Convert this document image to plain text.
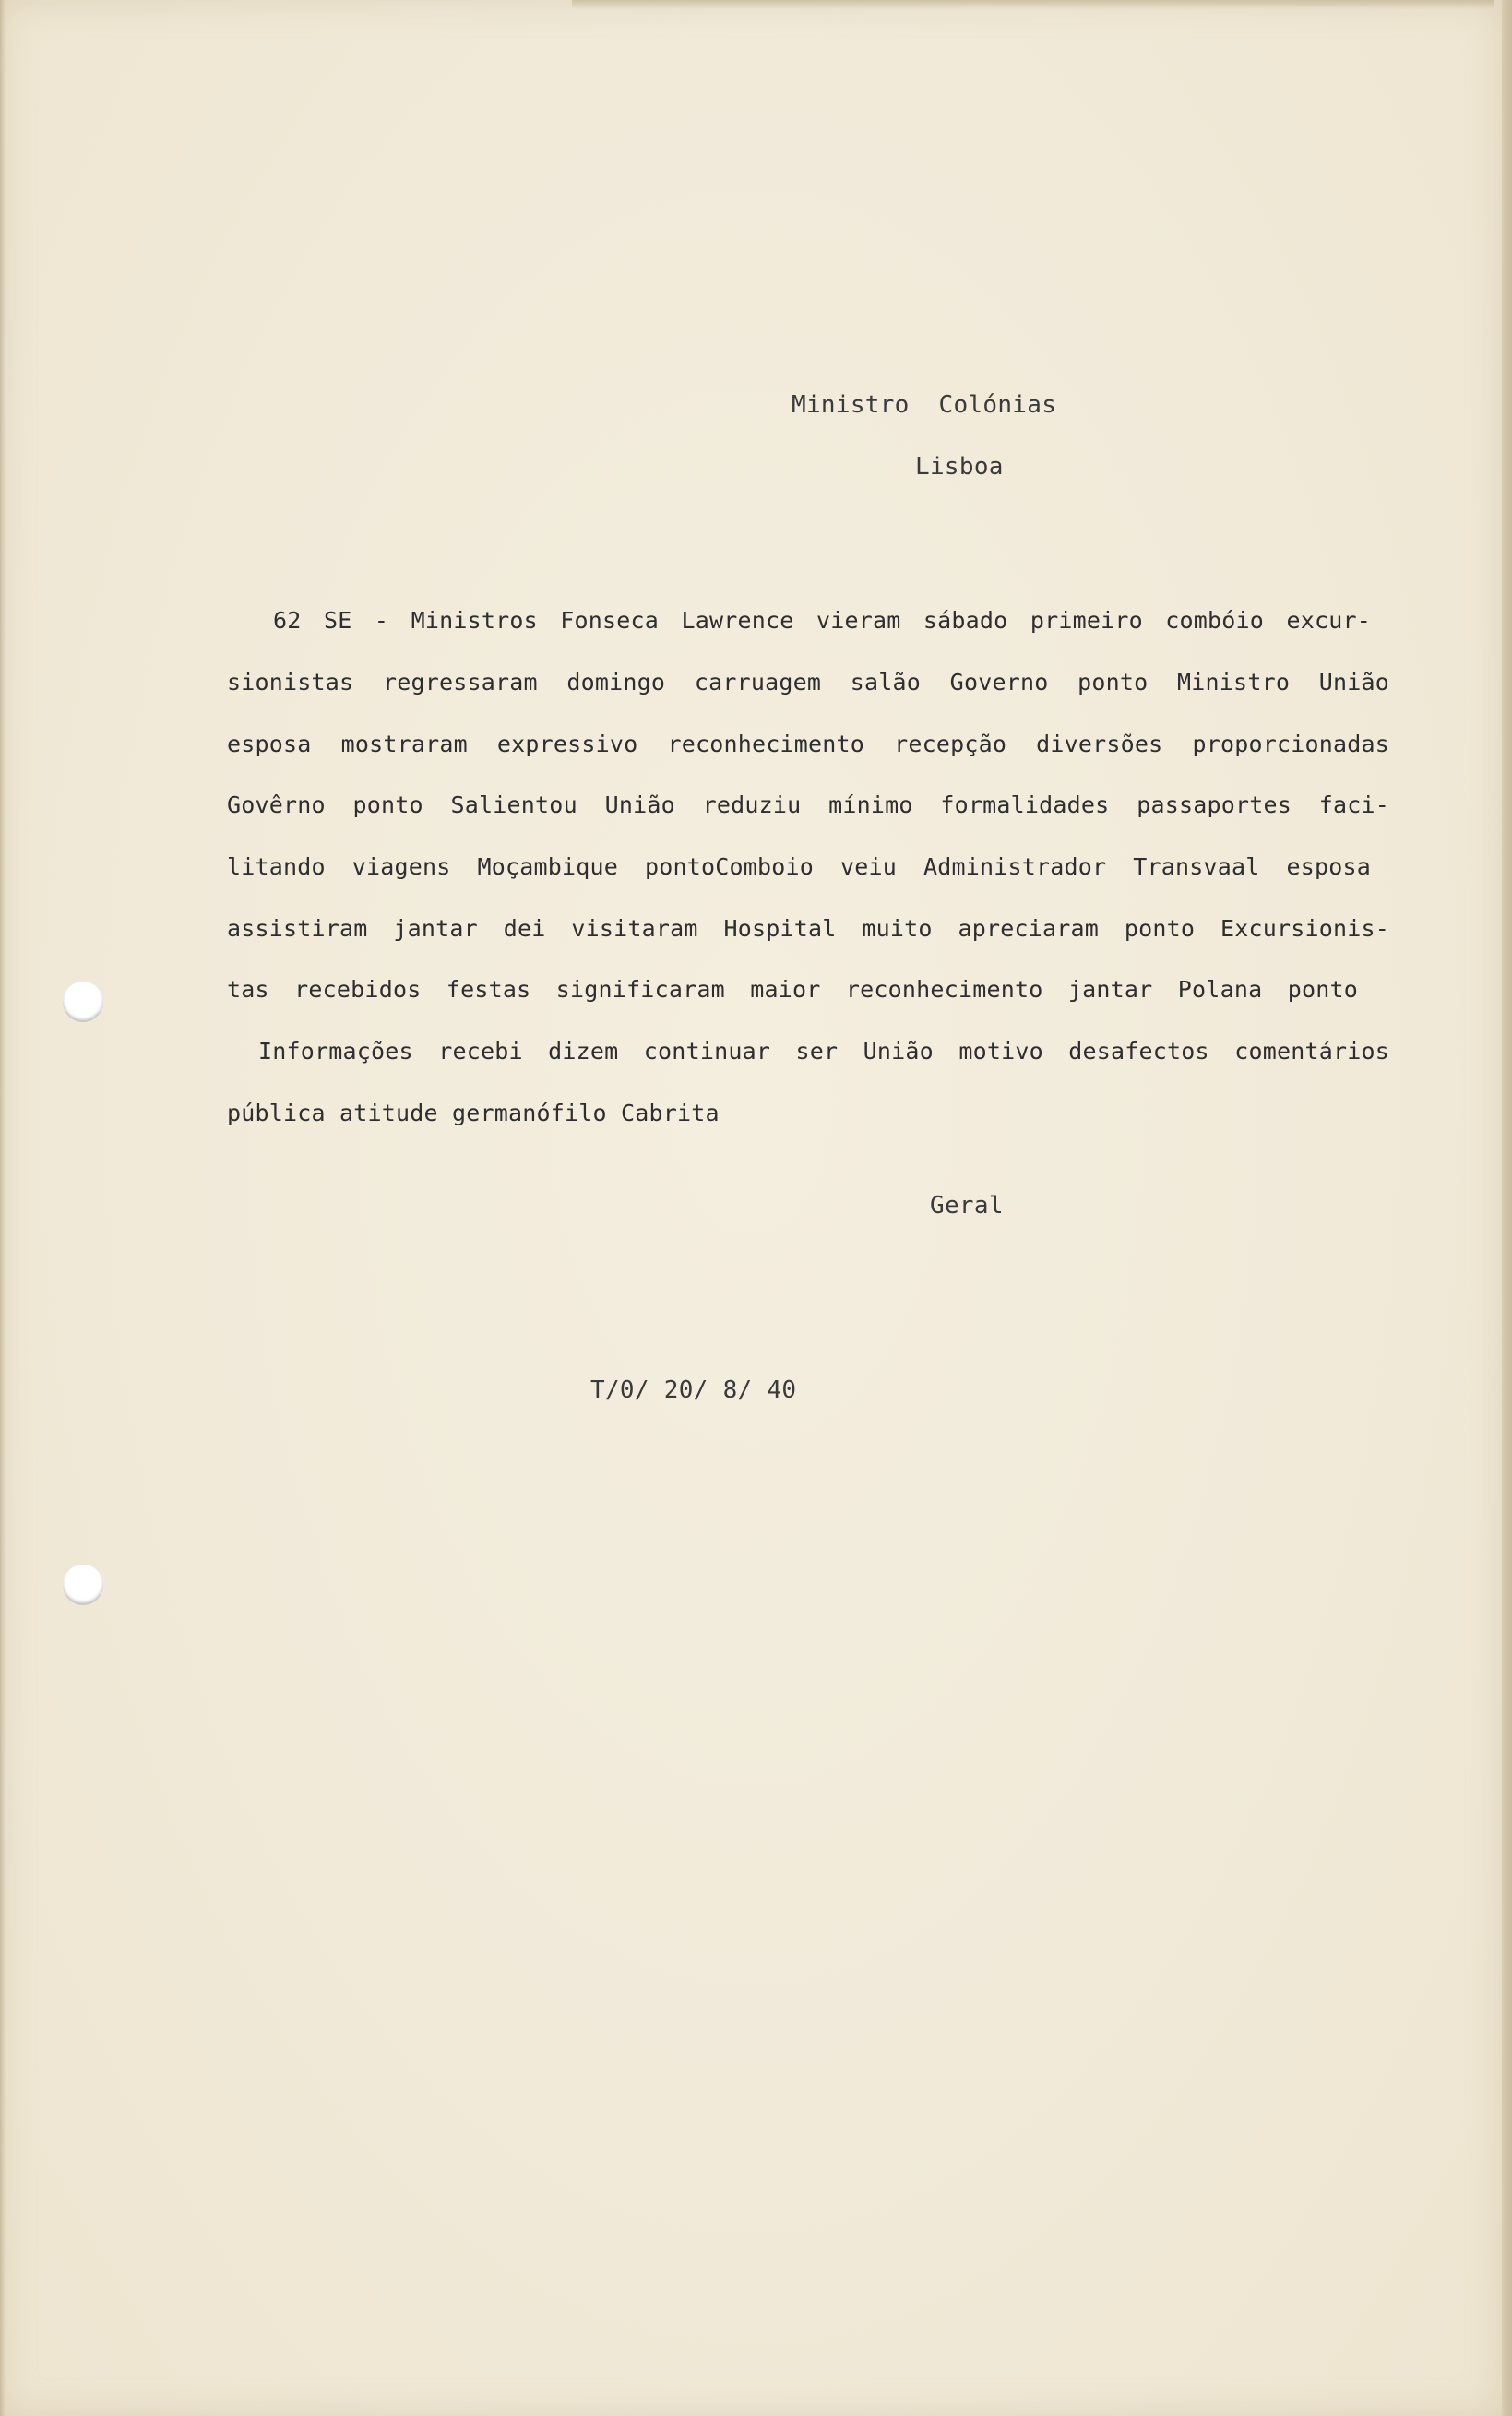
Ministro  Colónias
Lisboa
62 SE - Ministros Fonseca Lawrence vieram sábado primeiro combóio excur-
sionistas regressaram domingo carruagem salão Governo ponto Ministro União
esposa mostraram expressivo reconhecimento recepção diversões proporcionadas
Govêrno ponto Salientou União reduziu mínimo formalidades passaportes faci-
litando viagens Moçambique pontoComboio veiu Administrador Transvaal esposa
assistiram jantar dei visitaram Hospital muito apreciaram ponto Excursionis-
tas recebidos festas significaram maior reconhecimento jantar Polana ponto
Informações recebi dizem continuar ser União motivo desafectos comentários
pública atitude germanófilo Cabrita
Geral
T/0/ 20/ 8/ 40
